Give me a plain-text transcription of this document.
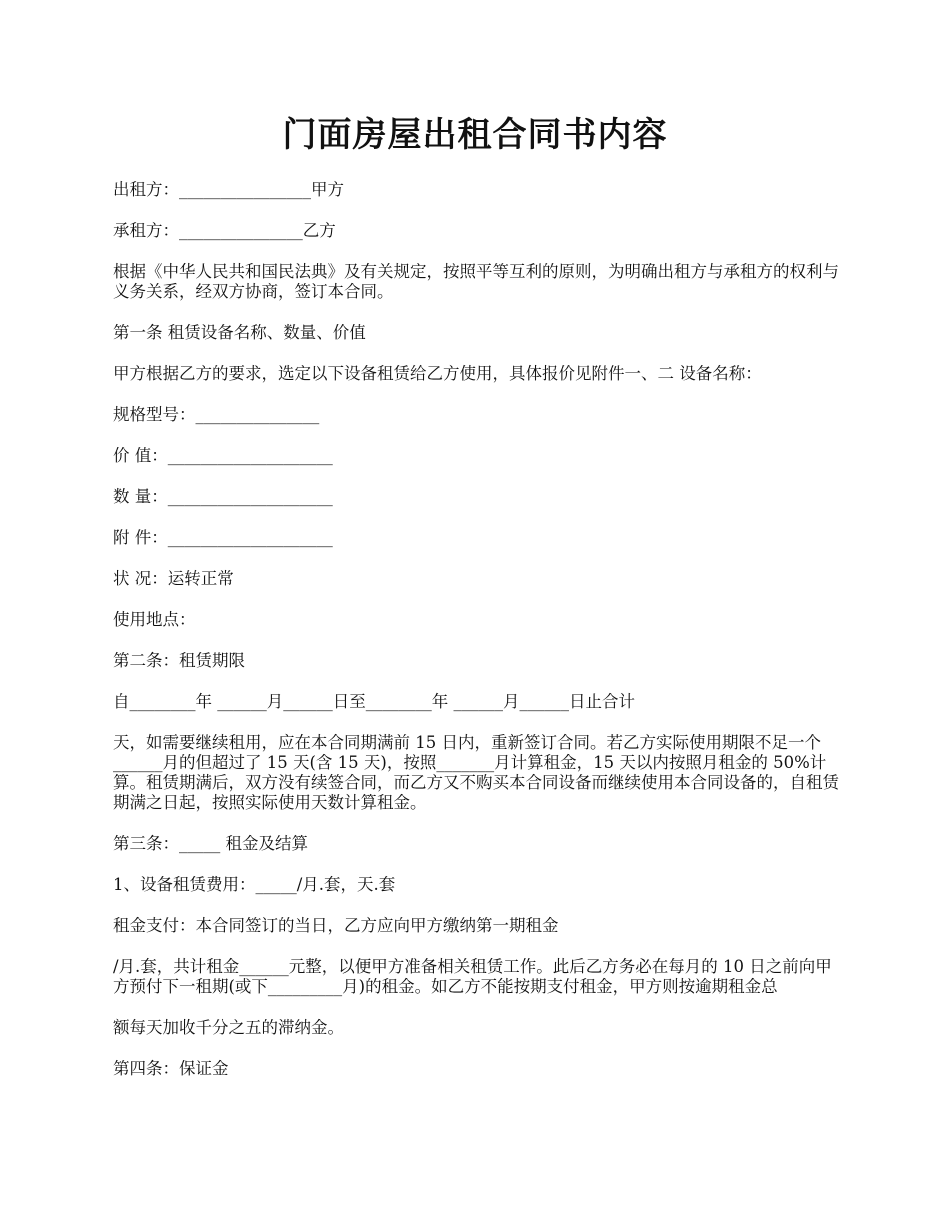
门面房屋出租合同书内容

出租方：________________甲方

承租方：_______________乙方

根据《中华人民共和国民法典》及有关规定，按照平等互利的原则，为明确出租方与承租方的权利与义务关系，经双方协商，签订本合同。

第一条 租赁设备名称、数量、价值

甲方根据乙方的要求，选定以下设备租赁给乙方使用，具体报价见附件一、二 设备名称：

规格型号：_______________

价 值：____________________

数 量：____________________

附 件：____________________

状 况：运转正常

使用地点：

第二条：租赁期限

自________年 ______月______日至________年 ______月______日止合计

天，如需要继续租用，应在本合同期满前 15 日内，重新签订合同。若乙方实际使用期限不足一个______月的但超过了 15 天(含 15 天)，按照_______月计算租金，15 天以内按照月租金的 50%计算。租赁期满后，双方没有续签合同，而乙方又不购买本合同设备而继续使用本合同设备的，自租赁期满之日起，按照实际使用天数计算租金。

第三条：_____ 租金及结算

1、设备租赁费用：_____/月.套，天.套

租金支付：本合同签订的当日，乙方应向甲方缴纳第一期租金

/月.套，共计租金______元整，以便甲方准备相关租赁工作。此后乙方务必在每月的 10 日之前向甲方预付下一租期(或下_________月)的租金。如乙方不能按期支付租金，甲方则按逾期租金总

额每天加收千分之五的滞纳金。

第四条：保证金
